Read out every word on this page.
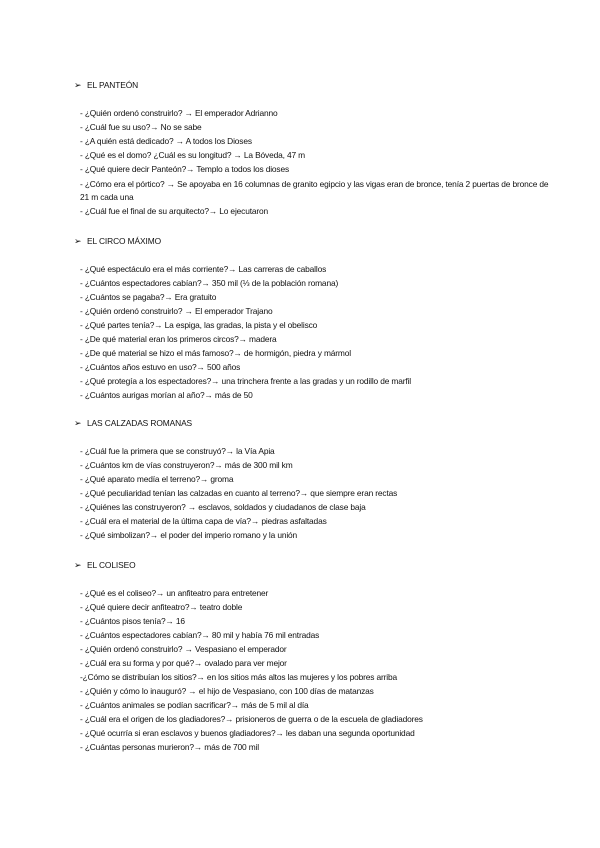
➢ EL PANTEÓN
- ¿Quién ordenó construirlo? → El emperador Adrianno
- ¿Cuál fue su uso?→ No se sabe
- ¿A quién está dedicado? → A todos los Dioses
- ¿Qué es el domo? ¿Cuál es su longitud? → La Bóveda, 47 m
- ¿Qué quiere decir Panteón?→ Templo a todos los dioses
- ¿Cómo era el pórtico? → Se apoyaba en 16 columnas de granito egipcio y las vigas eran de bronce, tenía 2 puertas de bronce de 21 m cada una
- ¿Cuál fue el final de su arquitecto?→ Lo ejecutaron
➢ EL CIRCO MÁXIMO
- ¿Qué espectáculo era el más corriente?→ Las carreras de caballos
- ¿Cuántos espectadores cabían?→ 350 mil (⅓ de la población romana)
- ¿Cuántos se pagaba?→ Era gratuito
- ¿Quién ordenó construirlo? → El emperador Trajano
- ¿Qué partes tenía?→ La espiga, las gradas, la pista y el obelisco
- ¿De qué material eran los primeros circos?→ madera
- ¿De qué material se hizo el más famoso?→ de hormigón, piedra y mármol
- ¿Cuántos años estuvo en uso?→ 500 años
- ¿Qué protegía a los espectadores?→ una trinchera frente a las gradas y un rodillo de marfil
- ¿Cuántos aurigas morían al año?→ más de 50
➢ LAS CALZADAS ROMANAS
- ¿Cuál fue la primera que se construyó?→ la Vía Apia
- ¿Cuántos km de vías construyeron?→ más de 300 mil km
- ¿Qué aparato medía el terreno?→ groma
- ¿Qué peculiaridad tenían las calzadas en cuanto al terreno?→ que siempre eran rectas
- ¿Quiénes las construyeron? → esclavos, soldados y ciudadanos de clase baja
- ¿Cuál era el material de la última capa de vía?→ piedras asfaltadas
- ¿Qué simbolizan?→ el poder del imperio romano y la unión
➢ EL COLISEO
- ¿Qué es el coliseo?→ un anfiteatro para entretener
- ¿Qué quiere decir anfiteatro?→ teatro doble
- ¿Cuántos pisos tenía?→ 16
- ¿Cuántos espectadores cabían?→ 80 mil y había 76 mil entradas
- ¿Quién ordenó construirlo? → Vespasiano el emperador
- ¿Cuál era su forma y por qué?→ ovalado para ver mejor
-¿Cómo se distribuían los sitios?→ en los sitios más altos las mujeres y los pobres arriba
- ¿Quién y cómo lo inauguró? → el hijo de Vespasiano, con 100 días de matanzas
- ¿Cuántos animales se podían sacrificar?→ más de 5 mil al día
- ¿Cuál era el origen de los gladiadores?→ prisioneros de guerra o de la escuela de gladiadores
- ¿Qué ocurría si eran esclavos y buenos gladiadores?→ les daban una segunda oportunidad
- ¿Cuántas personas murieron?→ más de 700 mil
